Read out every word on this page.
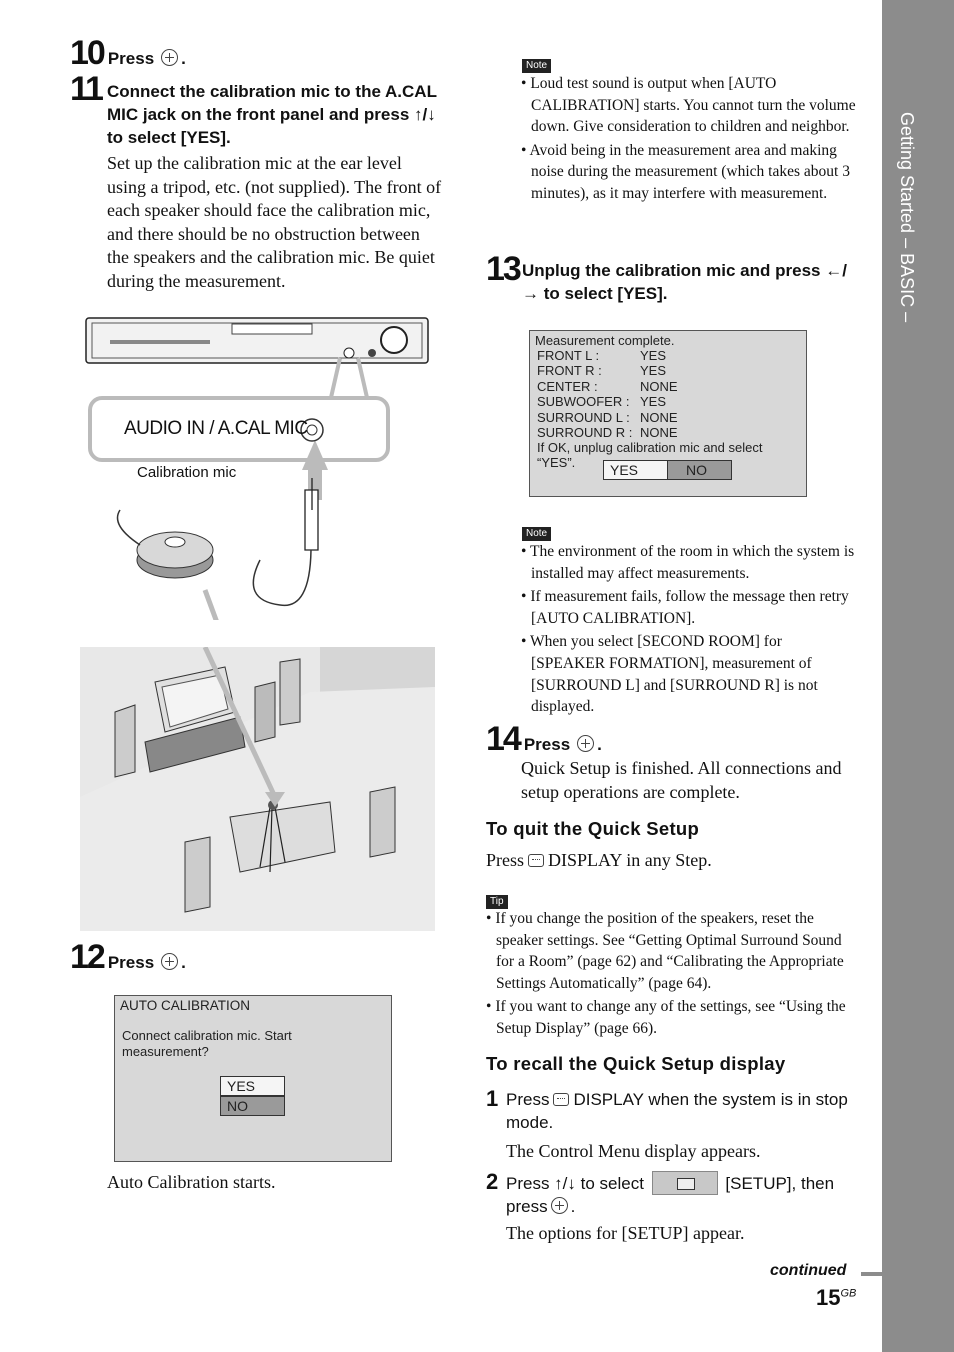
Getting Started – BASIC –
10 Press .
11 Connect the calibration mic to the A.CAL MIC jack on the front panel and press ↑/↓ to select [YES].
Set up the calibration mic at the ear level using a tripod, etc. (not supplied). The front of each speaker should face the calibration mic, and there should be no obstruction between the speakers and the calibration mic. Be quiet during the measurement.
AUDIO IN / A.CAL MIC
Calibration mic
12 Press .
AUTO CALIBRATION
Connect calibration mic. Start measurement?
YES
NO
Auto Calibration starts.
Note

• Loud test sound is output when [AUTO CALIBRATION] starts. You cannot turn the volume down. Give consideration to children and neighbor.

• Avoid being in the measurement area and making noise during the measurement (which takes about 3 minutes), as it may interfere with measurement.

13 Unplug the calibration mic and press ←/→ to select [YES].
Measurement complete.
FRONT L :	YES
FRONT R :	YES
CENTER :	NONE
SUBWOOFER : YES
SURROUND L : NONE
SURROUND R : NONE
If OK, unplug calibration mic and select
“YES”.	YES	NO
Note

• The environment of the room in which the system is installed may affect measurements.

• If measurement fails, follow the message then retry [AUTO CALIBRATION].

• When you select [SECOND ROOM] for [SPEAKER FORMATION], measurement of [SURROUND L] and [SURROUND R] is not displayed.

14 Press .
Quick Setup is finished. All connections and setup operations are complete.
To quit the Quick Setup
Press DISPLAY in any Step.
Tip

• If you change the position of the speakers, reset the speaker settings. See “Getting Optimal Surround Sound for a Room” (page 62) and “Calibrating the Appropriate Settings Automatically” (page 64).

• If you want to change any of the settings, see “Using the Setup Display” (page 66).

To recall the Quick Setup display
1 Press DISPLAY when the system is in stop mode.
The Control Menu display appears.
2 Press ↑/↓ to select	[SETUP], then
press .
The options for [SETUP] appear.
continued
$15^{GB}$
